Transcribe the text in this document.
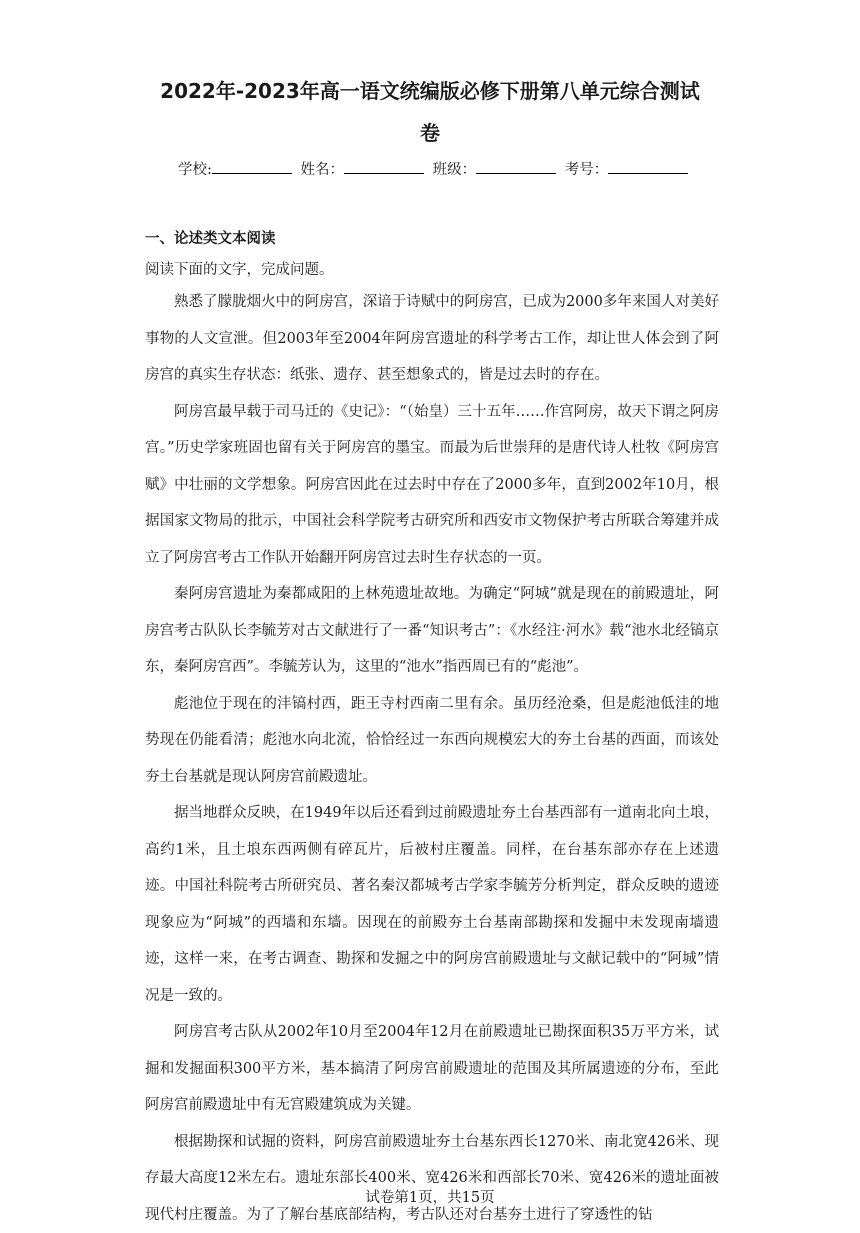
2022年-2023年高一语文统编版必修下册第八单元综合测试
卷
学校:	姓名：	班级：	考号：
一、论述类文本阅读
阅读下面的文字，完成问题。

熟悉了朦胧烟火中的阿房宫，深谙于诗赋中的阿房宫，已成为2000多年来国人对美好事物的人文宣泄。但2003年至2004年阿房宫遗址的科学考古工作，却让世人体会到了阿房宫的真实生存状态：纸张、遗存、甚至想象式的，皆是过去时的存在。

阿房宫最早载于司马迁的《史记》：“（始皇）三十五年……作宫阿房，故天下谓之阿房宫。”历史学家班固也留有关于阿房宫的墨宝。而最为后世崇拜的是唐代诗人杜牧《阿房宫赋》中壮丽的文学想象。阿房宫因此在过去时中存在了2000多年，直到2002年10月，根据国家文物局的批示，中国社会科学院考古研究所和西安市文物保护考古所联合筹建并成立了阿房宫考古工作队开始翻开阿房宫过去时生存状态的一页。

秦阿房宫遗址为秦都咸阳的上林苑遗址故地。为确定“阿城”就是现在的前殿遗址，阿房宫考古队队长李毓芳对古文献进行了一番“知识考古”：《水经注·河水》载“池水北经镐京东，秦阿房宫西”。李毓芳认为，这里的“池水”指西周已有的“彪池”。

彪池位于现在的沣镐村西，距王寺村西南二里有余。虽历经沧桑，但是彪池低洼的地势现在仍能看清；彪池水向北流，恰恰经过一东西向规模宏大的夯土台基的西面，而该处夯土台基就是现认阿房宫前殿遗址。

据当地群众反映，在1949年以后还看到过前殿遗址夯土台基西部有一道南北向土埌，高约1米，且土埌东西两侧有碎瓦片，后被村庄覆盖。同样，在台基东部亦存在上述遗迹。中国社科院考古所研究员、著名秦汉都城考古学家李毓芳分析判定，群众反映的遗迹现象应为“阿城”的西墙和东墙。因现在的前殿夯土台基南部勘探和发掘中未发现南墙遗迹，这样一来，在考古调查、勘探和发掘之中的阿房宫前殿遗址与文献记载中的“阿城”情况是一致的。

阿房宫考古队从2002年10月至2004年12月在前殿遗址已勘探面积35万平方米，试掘和发掘面积300平方米，基本搞清了阿房宫前殿遗址的范围及其所属遗迹的分布，至此阿房宫前殿遗址中有无宫殿建筑成为关键。

根据勘探和试掘的资料，阿房宫前殿遗址夯土台基东西长1270米、南北宽426米、现存最大高度12米左右。遗址东部长400米、宽426米和西部长70米、宽426米的遗址面被现代村庄覆盖。为了了解台基底部结构，考古队还对台基夯土进行了穿透性的钻

试卷第1页，共15页
